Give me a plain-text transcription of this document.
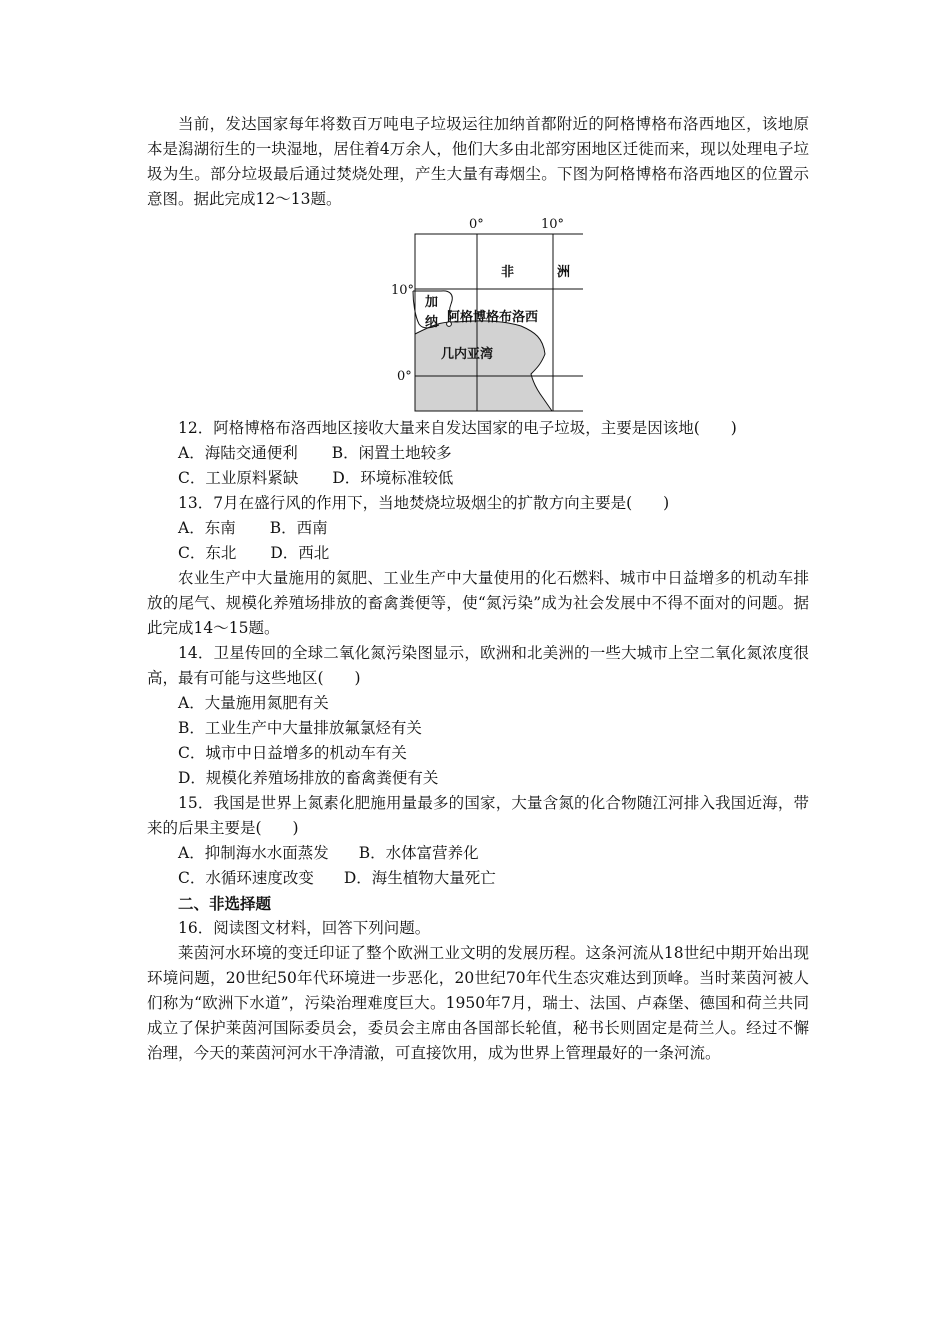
当前，发达国家每年将数百万吨电子垃圾运往加纳首都附近的阿格博格布洛西地区，该地原本是潟湖衍生的一块湿地，居住着4万余人，他们大多由北部穷困地区迁徙而来，现以处理电子垃圾为生。部分垃圾最后通过焚烧处理，产生大量有毒烟尘。下图为阿格博格布洛西地区的位置示意图。据此完成12～13题。

0°	10°
10°
0°
非	洲
加
纳 阿格博格布洛西
几内亚湾

12．阿格博格布洛西地区接收大量来自发达国家的电子垃圾，主要是因该地(　　)

A．海陆交通便利 B．闲置土地较多

C．工业原料紧缺 D．环境标准较低

13．7月在盛行风的作用下，当地焚烧垃圾烟尘的扩散方向主要是(　　)

A．东南 B．西南

C．东北 D．西北

农业生产中大量施用的氮肥、工业生产中大量使用的化石燃料、城市中日益增多的机动车排放的尾气、规模化养殖场排放的畜禽粪便等，使“氮污染”成为社会发展中不得不面对的问题。据此完成14～15题。

14．卫星传回的全球二氧化氮污染图显示，欧洲和北美洲的一些大城市上空二氧化氮浓度很高，最有可能与这些地区(　　)

A．大量施用氮肥有关

B．工业生产中大量排放氟氯烃有关

C．城市中日益增多的机动车有关

D．规模化养殖场排放的畜禽粪便有关

15．我国是世界上氮素化肥施用量最多的国家，大量含氮的化合物随江河排入我国近海，带来的后果主要是(　　)

A．抑制海水水面蒸发 B．水体富营养化

C．水循环速度改变 D．海生植物大量死亡

二、非选择题

16．阅读图文材料，回答下列问题。

莱茵河水环境的变迁印证了整个欧洲工业文明的发展历程。这条河流从18世纪中期开始出现环境问题，20世纪50年代环境进一步恶化，20世纪70年代生态灾难达到顶峰。当时莱茵河被人们称为“欧洲下水道”，污染治理难度巨大。1950年7月，瑞士、法国、卢森堡、德国和荷兰共同成立了保护莱茵河国际委员会，委员会主席由各国部长轮值，秘书长则固定是荷兰人。经过不懈治理，今天的莱茵河河水干净清澈，可直接饮用，成为世界上管理最好的一条河流。
